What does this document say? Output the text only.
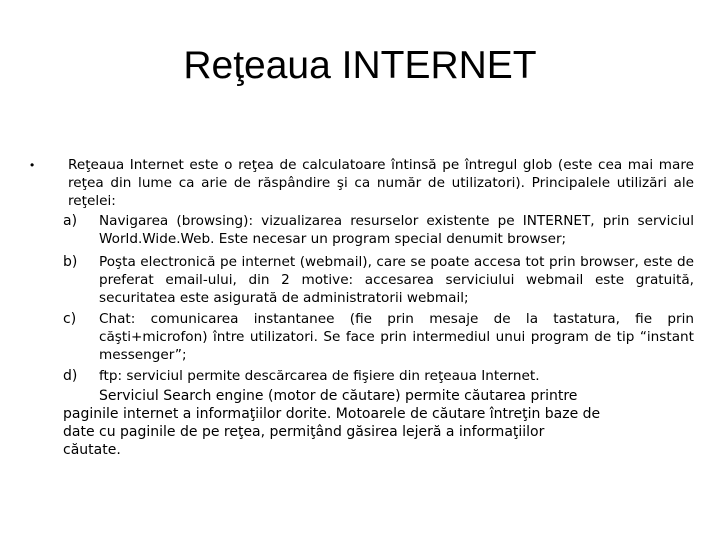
Reţeaua INTERNET
• Reţeaua Internet este o reţea de calculatoare întinsă pe întregul glob (este cea mai mare reţea din lume ca arie de răspândire şi ca număr de utilizatori). Principalele utilizări ale reţelei:
a)	Navigarea (browsing): vizualizarea resurselor existente pe INTERNET, prin serviciul World.Wide.Web. Este necesar un program special denumit browser;
b)	Poşta electronică pe internet (webmail), care se poate accesa tot prin browser, este de preferat email-ului, din 2 motive: accesarea serviciului webmail este gratuită, securitatea este asigurată de administratorii webmail;
c)	Chat: comunicarea instantanee (fie prin mesaje de la tastatura, fie prin căşti+microfon) între utilizatori. Se face prin intermediul unui program de tip “instant messenger”;
d)	ftp: serviciul permite descărcarea de fişiere din reţeaua Internet.
Serviciul Search engine (motor de căutare) permite căutarea printre paginile internet a informaţiilor dorite. Motoarele de căutare întreţin baze de date cu paginile de pe reţea, permiţând găsirea lejeră a informaţiilor căutate.
